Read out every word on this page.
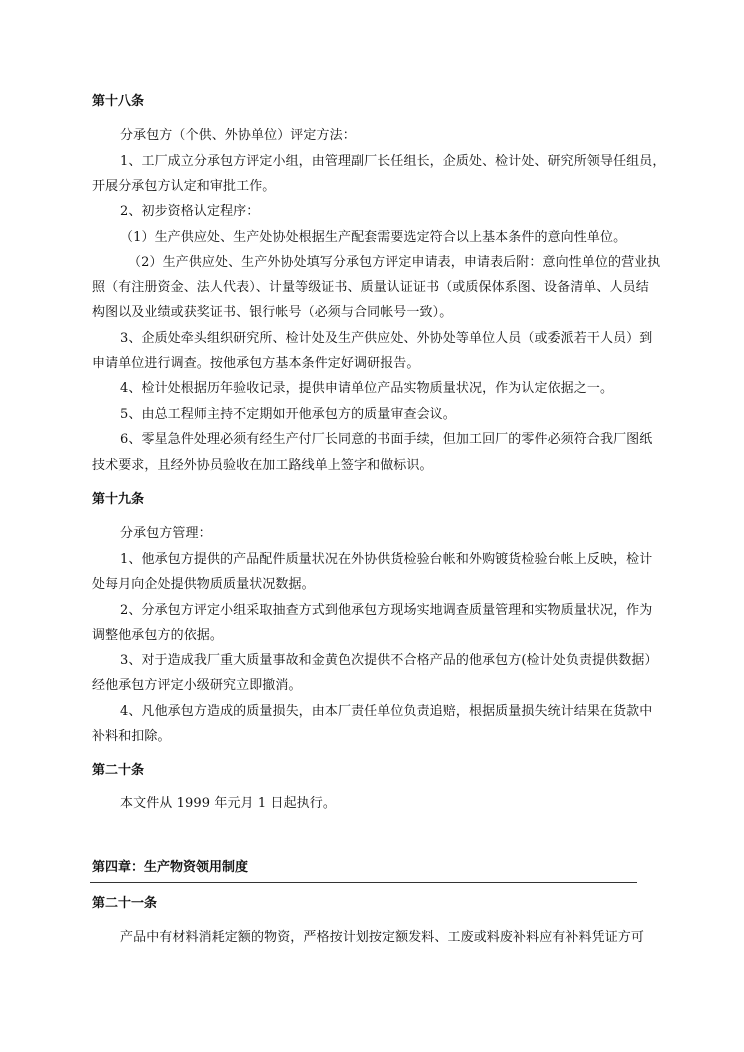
第十八条
分承包方（个供、外协单位）评定方法：
1、工厂成立分承包方评定小组，由管理副厂长任组长，企质处、检计处、研究所领导任组员，
开展分承包方认定和审批工作。
2、初步资格认定程序：
（1）生产供应处、生产处协处根据生产配套需要选定符合以上基本条件的意向性单位。
（2）生产供应处、生产外协处填写分承包方评定申请表，申请表后附：意向性单位的营业执
照（有注册资金、法人代表）、计量等级证书、质量认证证书（或质保体系图、设备清单、人员结
构图以及业绩或获奖证书、银行帐号（必须与合同帐号一致）。
3、企质处牵头组织研究所、检计处及生产供应处、外协处等单位人员（或委派若干人员）到
申请单位进行调查。按他承包方基本条件定好调研报告。
4、检计处根据历年验收记录，提供申请单位产品实物质量状况，作为认定依据之一。
5、由总工程师主持不定期如开他承包方的质量审查会议。
6、零星急件处理必须有经生产付厂长同意的书面手续，但加工回厂的零件必须符合我厂图纸
技术要求，且经外协员验收在加工路线单上签字和做标识。
第十九条
分承包方管理：
1、他承包方提供的产品配件质量状况在外协供货检验台帐和外购镀货检验台帐上反映，检计
处每月向企处提供物质质量状况数据。
2、分承包方评定小组采取抽查方式到他承包方现场实地调查质量管理和实物质量状况，作为
调整他承包方的依据。
3、对于造成我厂重大质量事故和金黄色次提供不合格产品的他承包方(检计处负责提供数据）
经他承包方评定小级研究立即撤消。
4、凡他承包方造成的质量损失，由本厂责任单位负责追赔，根据质量损失统计结果在货款中
补料和扣除。
第二十条
本文件从 1999 年元月 1 日起执行。
第四章：生产物资领用制度
第二十一条
产品中有材料消耗定额的物资，严格按计划按定额发料、工废或料废补料应有补料凭证方可
